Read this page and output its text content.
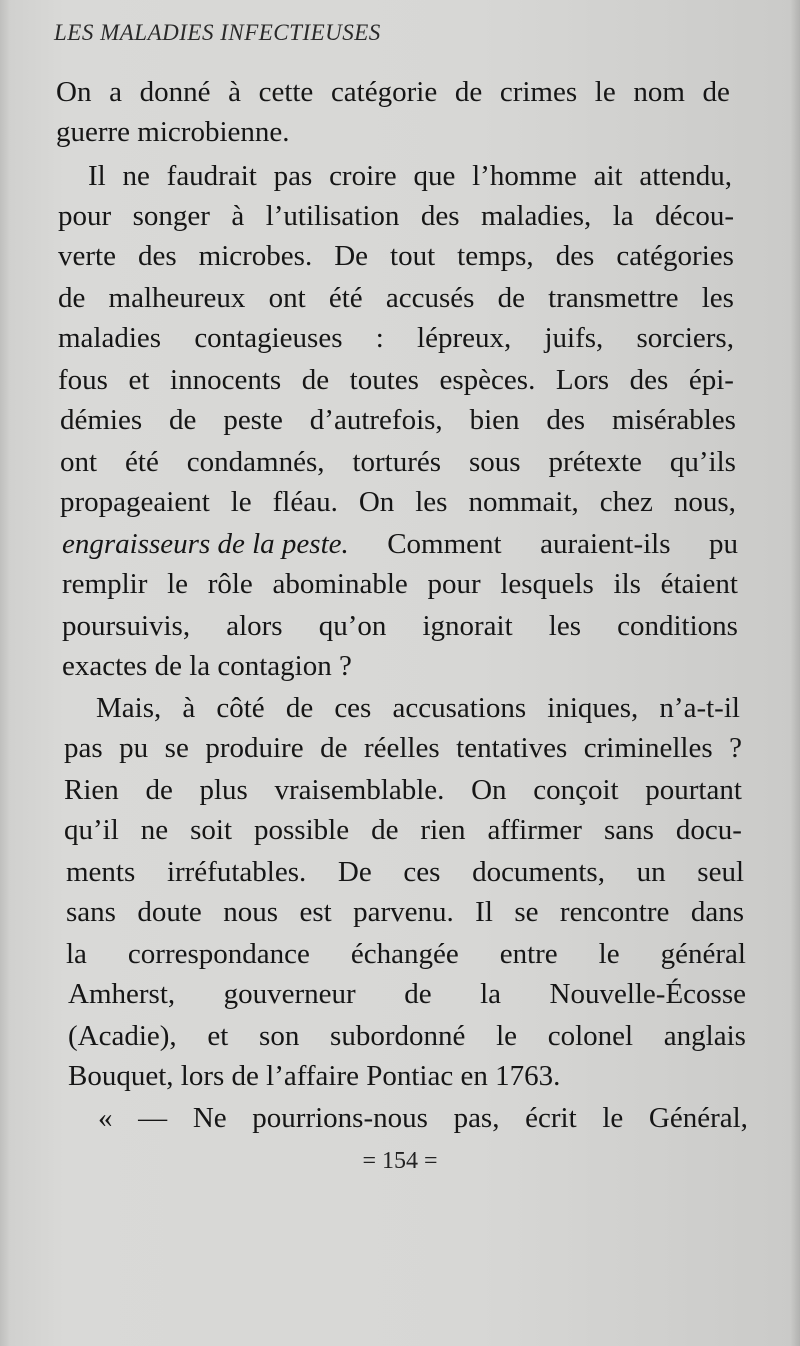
LES MALADIES INFECTIEUSES
On a donné à cette catégorie de crimes le nom de
guerre microbienne.
Il ne faudrait pas croire que l’homme ait attendu,
pour songer à l’utilisation des maladies, la décou-
verte des microbes. De tout temps, des catégories
de malheureux ont été accusés de transmettre les
maladies contagieuses : lépreux, juifs, sorciers,
fous et innocents de toutes espèces. Lors des épi-
démies de peste d’autrefois, bien des misérables
ont été condamnés, torturés sous prétexte qu’ils
propageaient le fléau. On les nommait, chez nous,
engraisseurs de la peste. Comment auraient-ils pu
remplir le rôle abominable pour lesquels ils étaient
poursuivis, alors qu’on ignorait les conditions
exactes de la contagion ?
Mais, à côté de ces accusations iniques, n’a-t-il
pas pu se produire de réelles tentatives criminelles ?
Rien de plus vraisemblable. On conçoit pourtant
qu’il ne soit possible de rien affirmer sans docu-
ments irréfutables. De ces documents, un seul
sans doute nous est parvenu. Il se rencontre dans
la correspondance échangée entre le général
Amherst, gouverneur de la Nouvelle-Écosse
(Acadie), et son subordonné le colonel anglais
Bouquet, lors de l’affaire Pontiac en 1763.
« — Ne pourrions-nous pas, écrit le Général,
= 154 =
